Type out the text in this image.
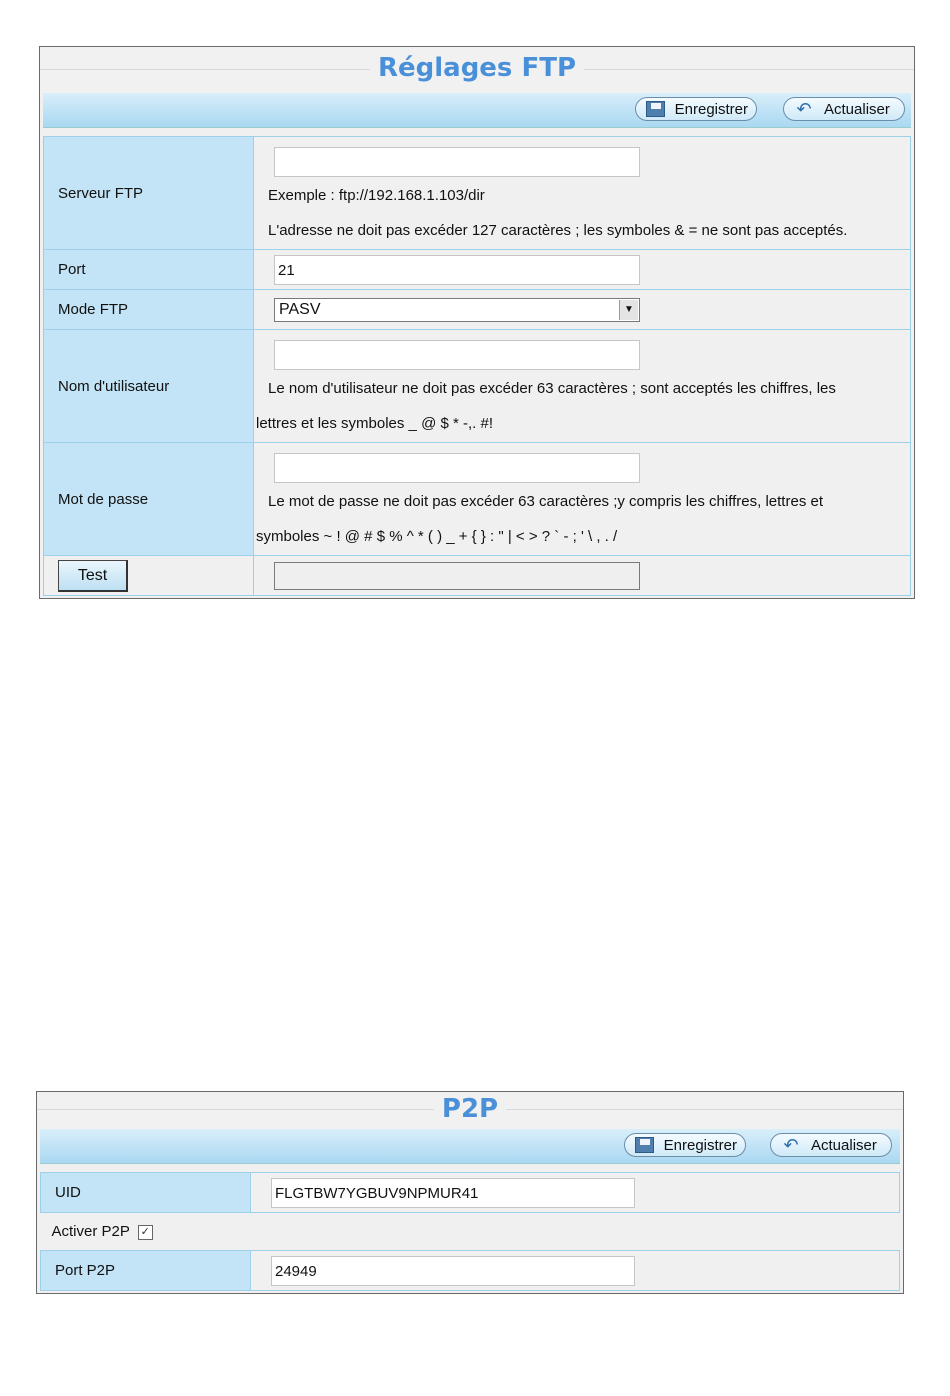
Réglages FTP
Enregistrer	↶ Actualiser
Serveur FTP	Exemple : ftp://192.168.1.103/dir
L'adresse ne doit pas excéder 127 caractères ; les symboles & = ne sont pas acceptés.

Port	21

Mode FTP	PASV ▼

Nom d'utilisateur	Le nom d'utilisateur ne doit pas excéder 63 caractères ; sont acceptés les chiffres, les
lettres et les symboles _ @ $ * -,. #!

Mot de passe	Le mot de passe ne doit pas excéder 63 caractères ;y compris les chiffres, lettres et
symboles ~ ! @ # $ % ^ * ( ) _ + { } : " | < > ? ` - ; ' \ , . /

Test	

P2P
Enregistrer	↶ Actualiser
UID	FLGTBW7YGBUV9NPMUR41

Activer P2P ✓	
Port P2P	24949
